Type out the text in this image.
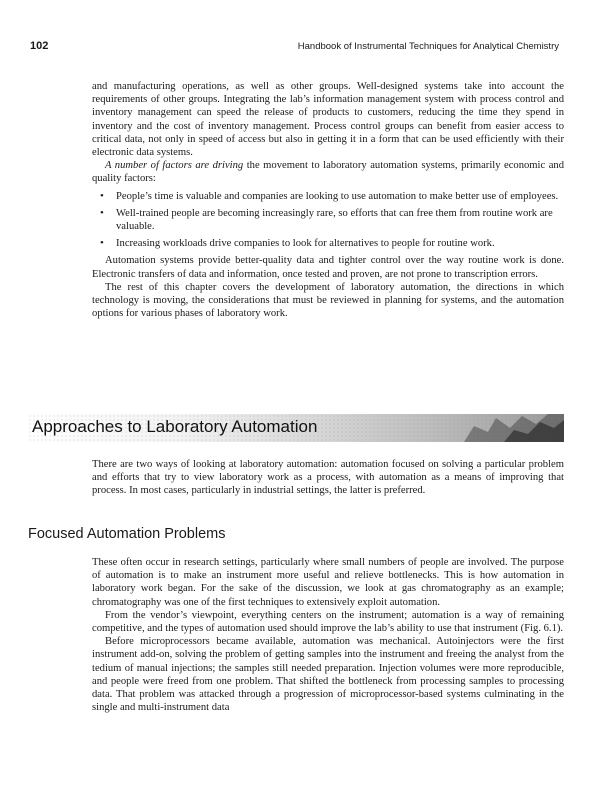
102	Handbook of Instrumental Techniques for Analytical Chemistry

and manufacturing operations, as well as other groups. Well-designed systems take into account the requirements of other groups. Integrating the lab’s information management system with process control and inventory management can speed the release of products to customers, reducing the time they spend in inventory and the cost of inventory management. Process control groups can benefit from easier access to critical data, not only in speed of access but also in getting it in a form that can be used efficiently with their electronic data systems.

A number of factors are driving the movement to laboratory automation systems, primarily economic and quality factors:

• People’s time is valuable and companies are looking to use automation to make better use of employees.
• Well-trained people are becoming increasingly rare, so efforts that can free them from routine work are valuable.
• Increasing workloads drive companies to look for alternatives to people for routine work.

Automation systems provide better-quality data and tighter control over the way routine work is done. Electronic transfers of data and information, once tested and proven, are not prone to transcription errors.

The rest of this chapter covers the development of laboratory automation, the directions in which technology is moving, the considerations that must be reviewed in planning for systems, and the automation options for various phases of laboratory work.

Approaches to Laboratory Automation

There are two ways of looking at laboratory automation: automation focused on solving a particular problem and efforts that try to view laboratory work as a process, with automation as a means of improving that process. In most cases, particularly in industrial settings, the latter is preferred.

Focused Automation Problems

These often occur in research settings, particularly where small numbers of people are involved. The purpose of automation is to make an instrument more useful and relieve bottlenecks. This is how automation in laboratory work began. For the sake of the discussion, we look at gas chromatography as an example; chromatography was one of the first techniques to extensively exploit automation.

From the vendor’s viewpoint, everything centers on the instrument; automation is a way of remaining competitive, and the types of automation used should improve the lab’s ability to use that instrument (Fig. 6.1).

Before microprocessors became available, automation was mechanical. Autoinjectors were the first instrument add-on, solving the problem of getting samples into the instrument and freeing the analyst from the tedium of manual injections; the samples still needed preparation. Injection volumes were more reproducible, and people were freed from one problem. That shifted the bottleneck from processing samples to processing data. That problem was attacked through a progression of microprocessor-based systems culminating in the single and multi-instrument data
